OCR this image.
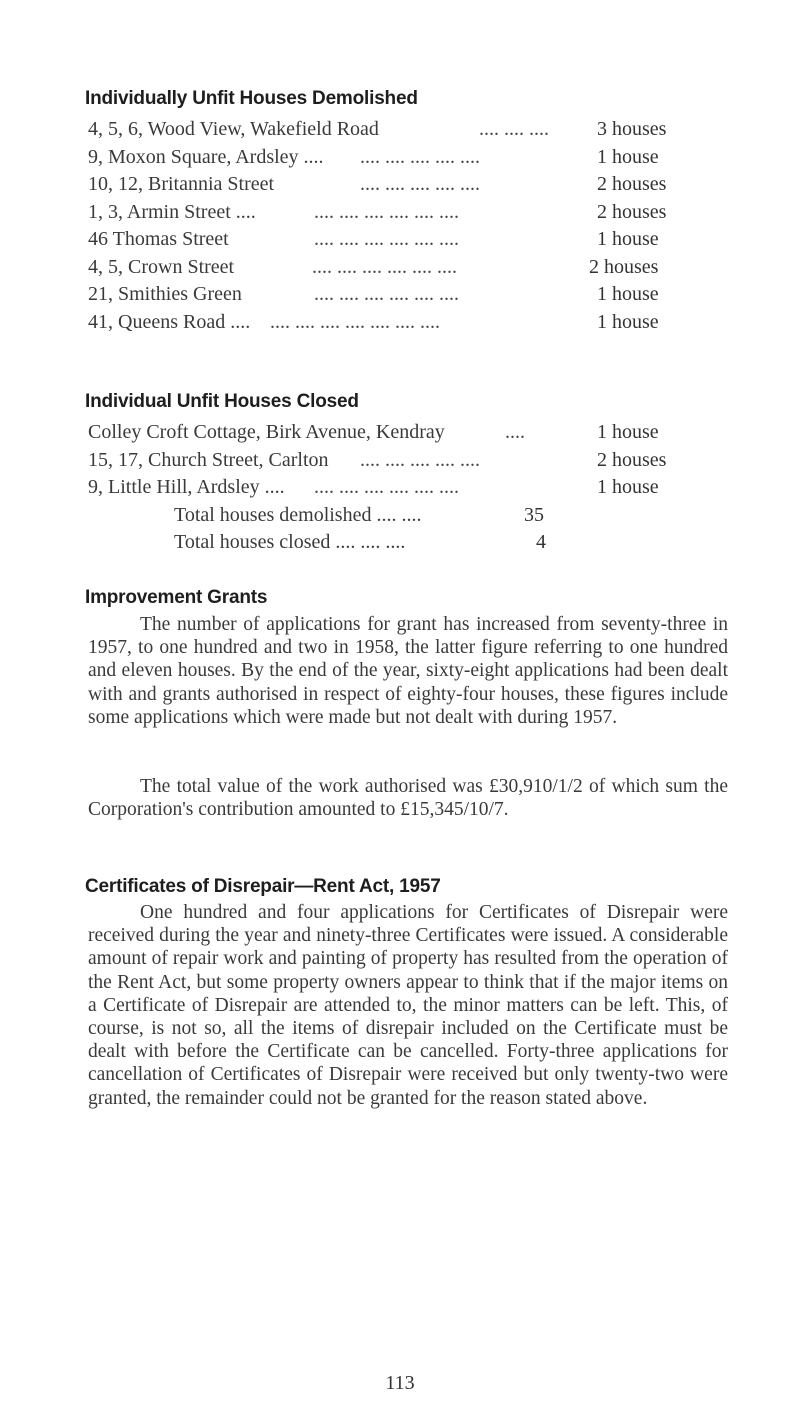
Individually Unfit Houses Demolished
4, 5, 6, Wood View, Wakefield Road	.... .... .... 3 houses
9, Moxon Square, Ardsley .... .... .... .... .... ....	1 house
10, 12, Britannia Street	.... .... .... .... ....	2 houses
1, 3, Armin Street ....	.... .... .... .... .... ....	2 houses
46 Thomas Street	.... .... .... .... .... ....	1 house
4, 5, Crown Street	.... .... .... .... .... ....	2 houses
21, Smithies Green	.... .... .... .... .... ....	1 house
41, Queens Road .... .... .... .... .... .... .... ....	1 house
Individual Unfit Houses Closed
Colley Croft Cottage, Birk Avenue, Kendray	....	1 house
15, 17, Church Street, Carlton .... .... .... .... ....	2 houses
9, Little Hill, Ardsley .... .... .... .... .... .... ....	1 house
Total houses demolished .... ....	35
Total houses closed .... .... ....	4
Improvement Grants

The number of applications for grant has increased from seventy-three in 1957, to one hundred and two in 1958, the latter figure referring to one hundred and eleven houses. By the end of the year, sixty-eight applications had been dealt with and grants authorised in respect of eighty-four houses, these figures include some applications which were made but not dealt with during 1957.

The total value of the work authorised was £30,910/1/2 of which sum the Corporation's contribution amounted to £15,345/10/7.

Certificates of Disrepair—Rent Act, 1957

One hundred and four applications for Certificates of Disrepair were received during the year and ninety-three Certificates were issued. A considerable amount of repair work and painting of property has resulted from the operation of the Rent Act, but some property owners appear to think that if the major items on a Certificate of Disrepair are attended to, the minor matters can be left. This, of course, is not so, all the items of disrepair included on the Certificate must be dealt with before the Certificate can be cancelled. Forty-three applications for cancellation of Certificates of Disrepair were received but only twenty-two were granted, the remainder could not be granted for the reason stated above.

113
